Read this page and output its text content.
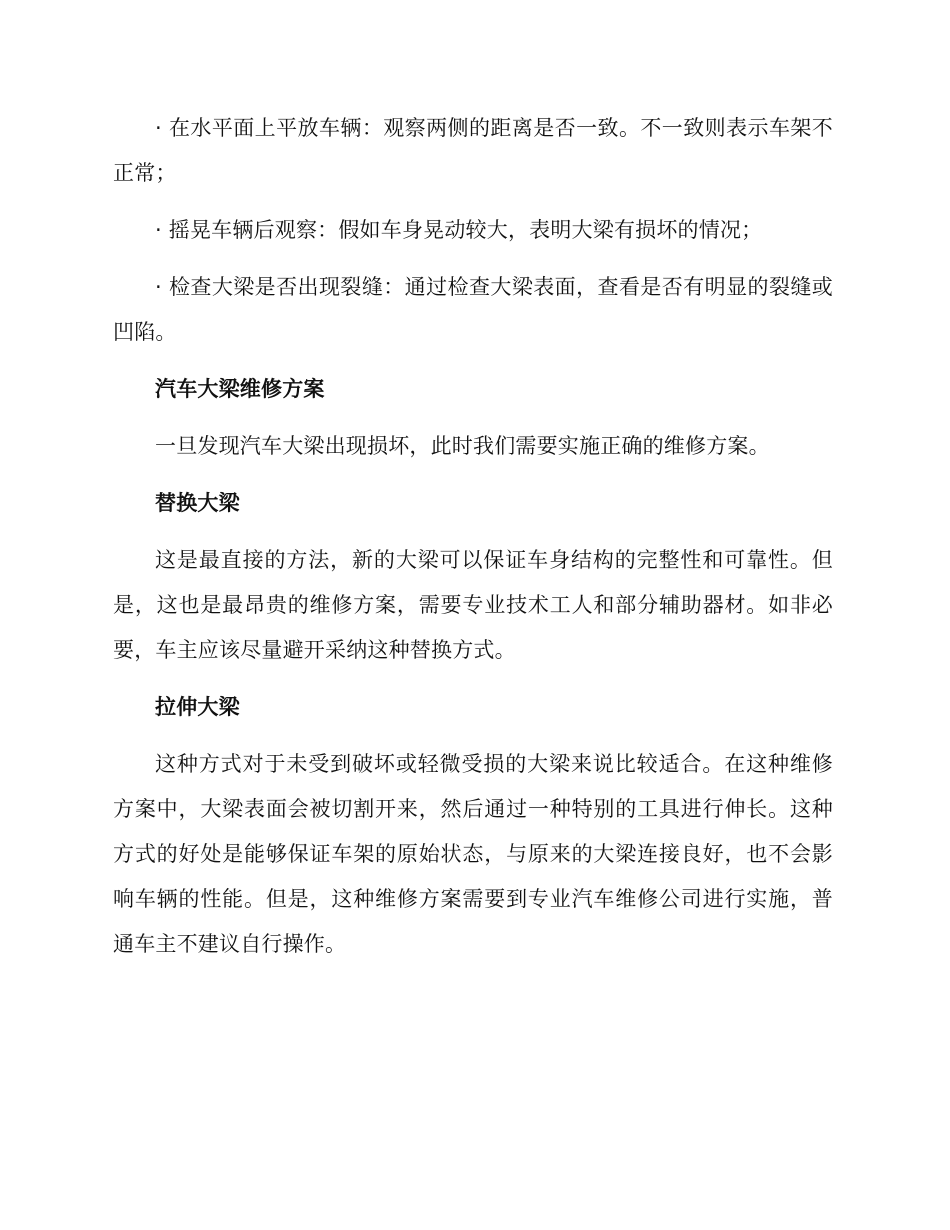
· 在水平面上平放车辆：观察两侧的距离是否一致。不一致则表示车架不正常；

· 摇晃车辆后观察：假如车身晃动较大，表明大梁有损坏的情况；

· 检查大梁是否出现裂缝：通过检查大梁表面，查看是否有明显的裂缝或凹陷。

汽车大梁维修方案

一旦发现汽车大梁出现损坏，此时我们需要实施正确的维修方案。

替换大梁

这是最直接的方法，新的大梁可以保证车身结构的完整性和可靠性。但是，这也是最昂贵的维修方案，需要专业技术工人和部分辅助器材。如非必要，车主应该尽量避开采纳这种替换方式。

拉伸大梁

这种方式对于未受到破坏或轻微受损的大梁来说比较适合。在这种维修方案中，大梁表面会被切割开来，然后通过一种特别的工具进行伸长。这种方式的好处是能够保证车架的原始状态，与原来的大梁连接良好，也不会影响车辆的性能。但是，这种维修方案需要到专业汽车维修公司进行实施，普通车主不建议自行操作。
